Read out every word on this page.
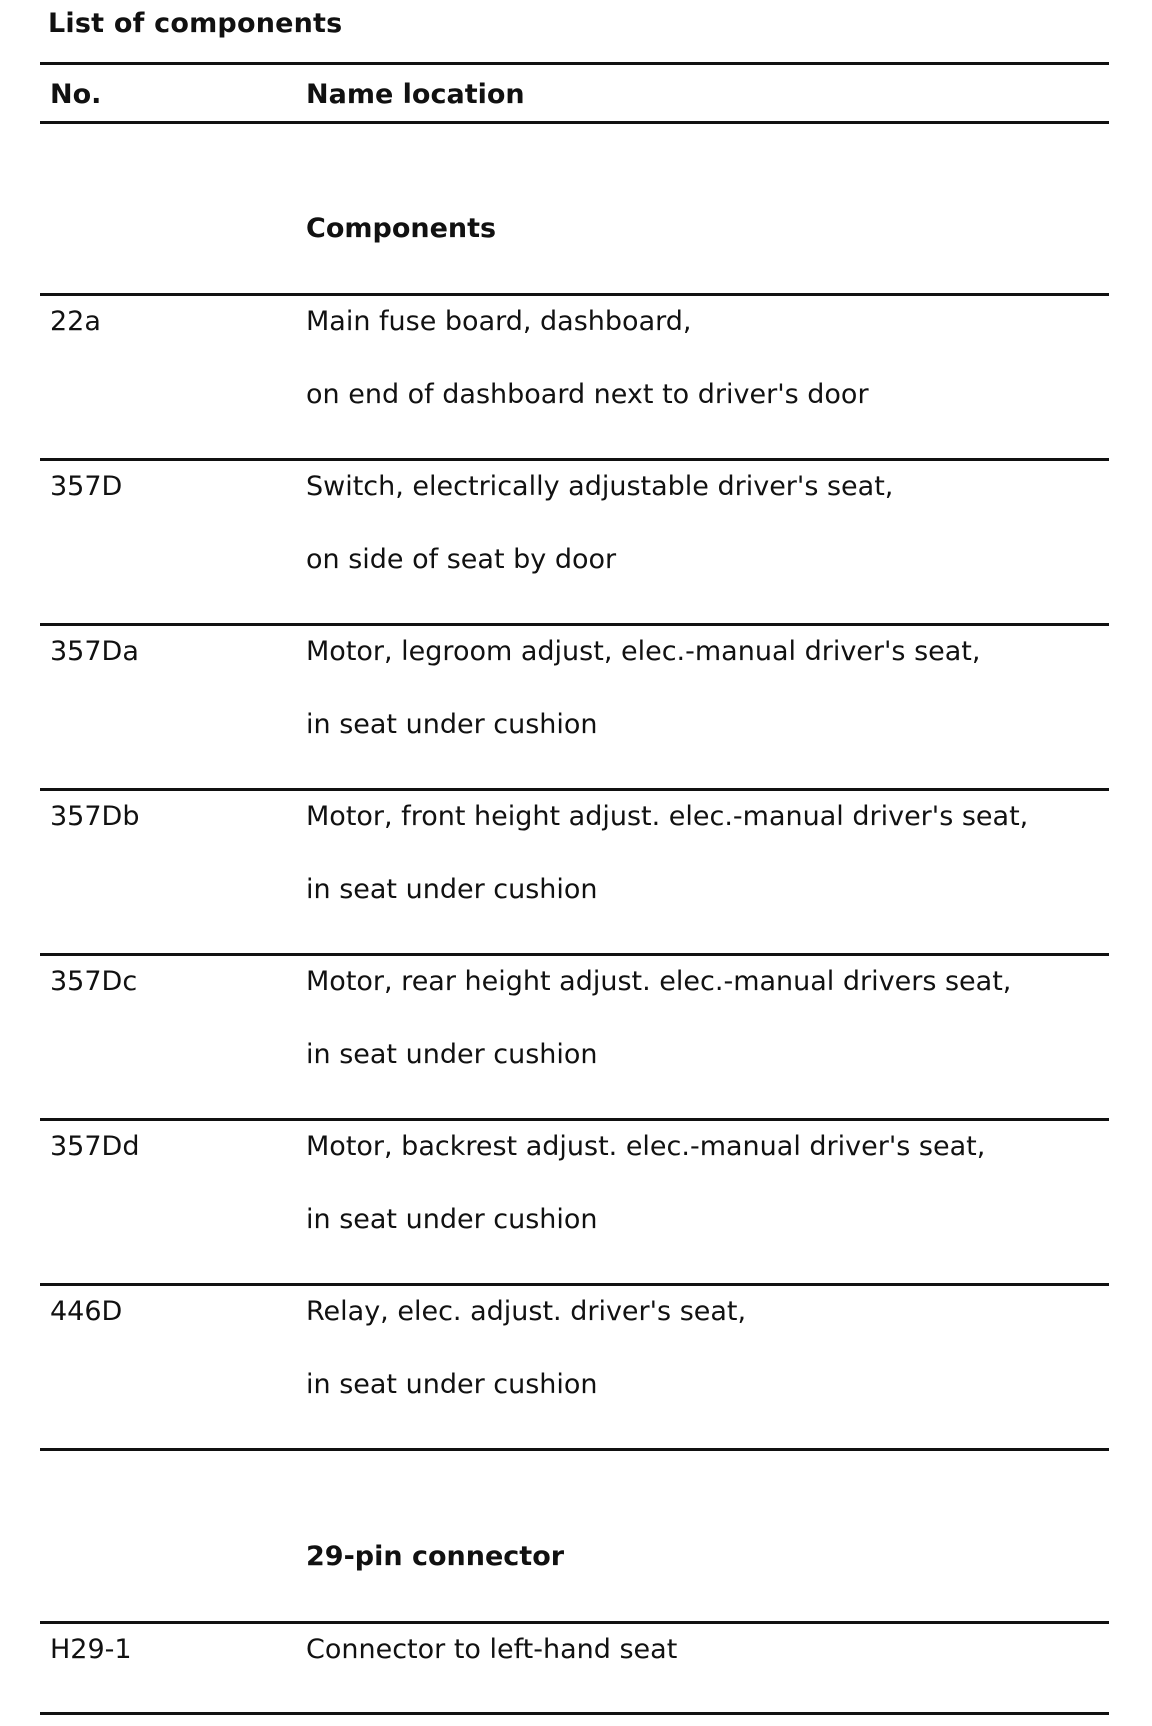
List of components
No.	Name location
Components
22a	Main fuse board, dashboard,
on end of dashboard next to driver's door
357D	Switch, electrically adjustable driver's seat,
on side of seat by door
357Da	Motor, legroom adjust, elec.-manual driver's seat,
in seat under cushion
357Db	Motor, front height adjust. elec.-manual driver's seat,
in seat under cushion
357Dc	Motor, rear height adjust. elec.-manual drivers seat,
in seat under cushion
357Dd	Motor, backrest adjust. elec.-manual driver's seat,
in seat under cushion
446D	Relay, elec. adjust. driver's seat,
in seat under cushion
29-pin connector
H29-1	Connector to left-hand seat
